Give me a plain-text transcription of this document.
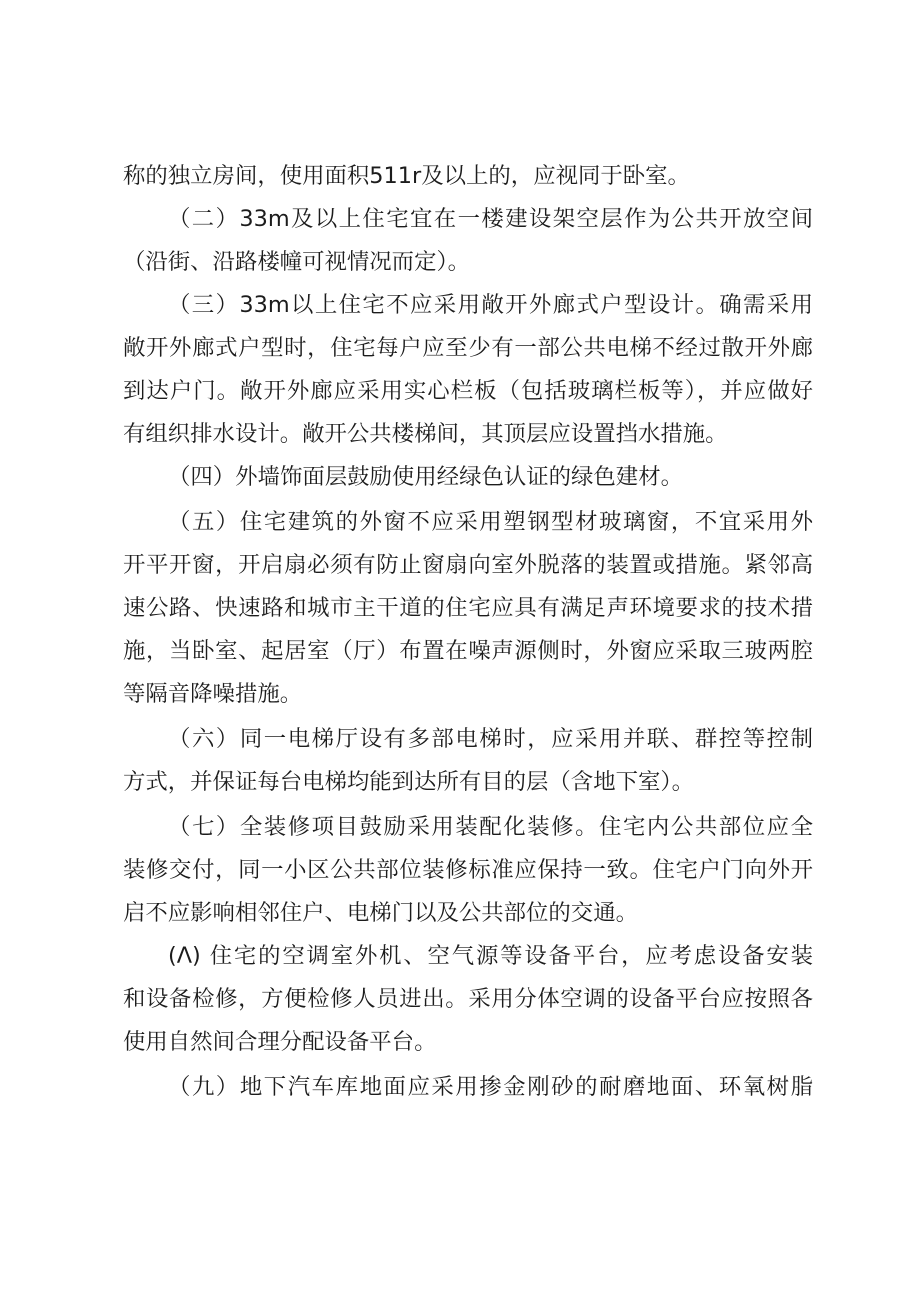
称的独立房间，使用面积511r及以上的，应视同于卧室。
（二）33m及以上住宅宜在一楼建设架空层作为公共开放空间
（沿街、沿路楼幢可视情况而定）。
（三）33m以上住宅不应采用敞开外廊式户型设计。确需采用
敞开外廊式户型时，住宅每户应至少有一部公共电梯不经过散开外廊
到达户门。敞开外廊应采用实心栏板（包括玻璃栏板等），并应做好
有组织排水设计。敞开公共楼梯间，其顶层应设置挡水措施。
（四）外墙饰面层鼓励使用经绿色认证的绿色建材。
（五）住宅建筑的外窗不应采用塑钢型材玻璃窗，不宜采用外
开平开窗，开启扇必须有防止窗扇向室外脱落的装置或措施。紧邻高
速公路、快速路和城市主干道的住宅应具有满足声环境要求的技术措
施，当卧室、起居室（厅）布置在噪声源侧时，外窗应采取三玻两腔
等隔音降噪措施。
（六）同一电梯厅设有多部电梯时，应采用并联、群控等控制
方式，并保证每台电梯均能到达所有目的层（含地下室）。
（七）全装修项目鼓励采用装配化装修。住宅内公共部位应全
装修交付，同一小区公共部位装修标准应保持一致。住宅户门向外开
启不应影响相邻住户、电梯门以及公共部位的交通。
(Λ) 住宅的空调室外机、空气源等设备平台，应考虑设备安装
和设备检修，方便检修人员进出。采用分体空调的设备平台应按照各
使用自然间合理分配设备平台。
（九）地下汽车库地面应采用掺金刚砂的耐磨地面、环氧树脂
